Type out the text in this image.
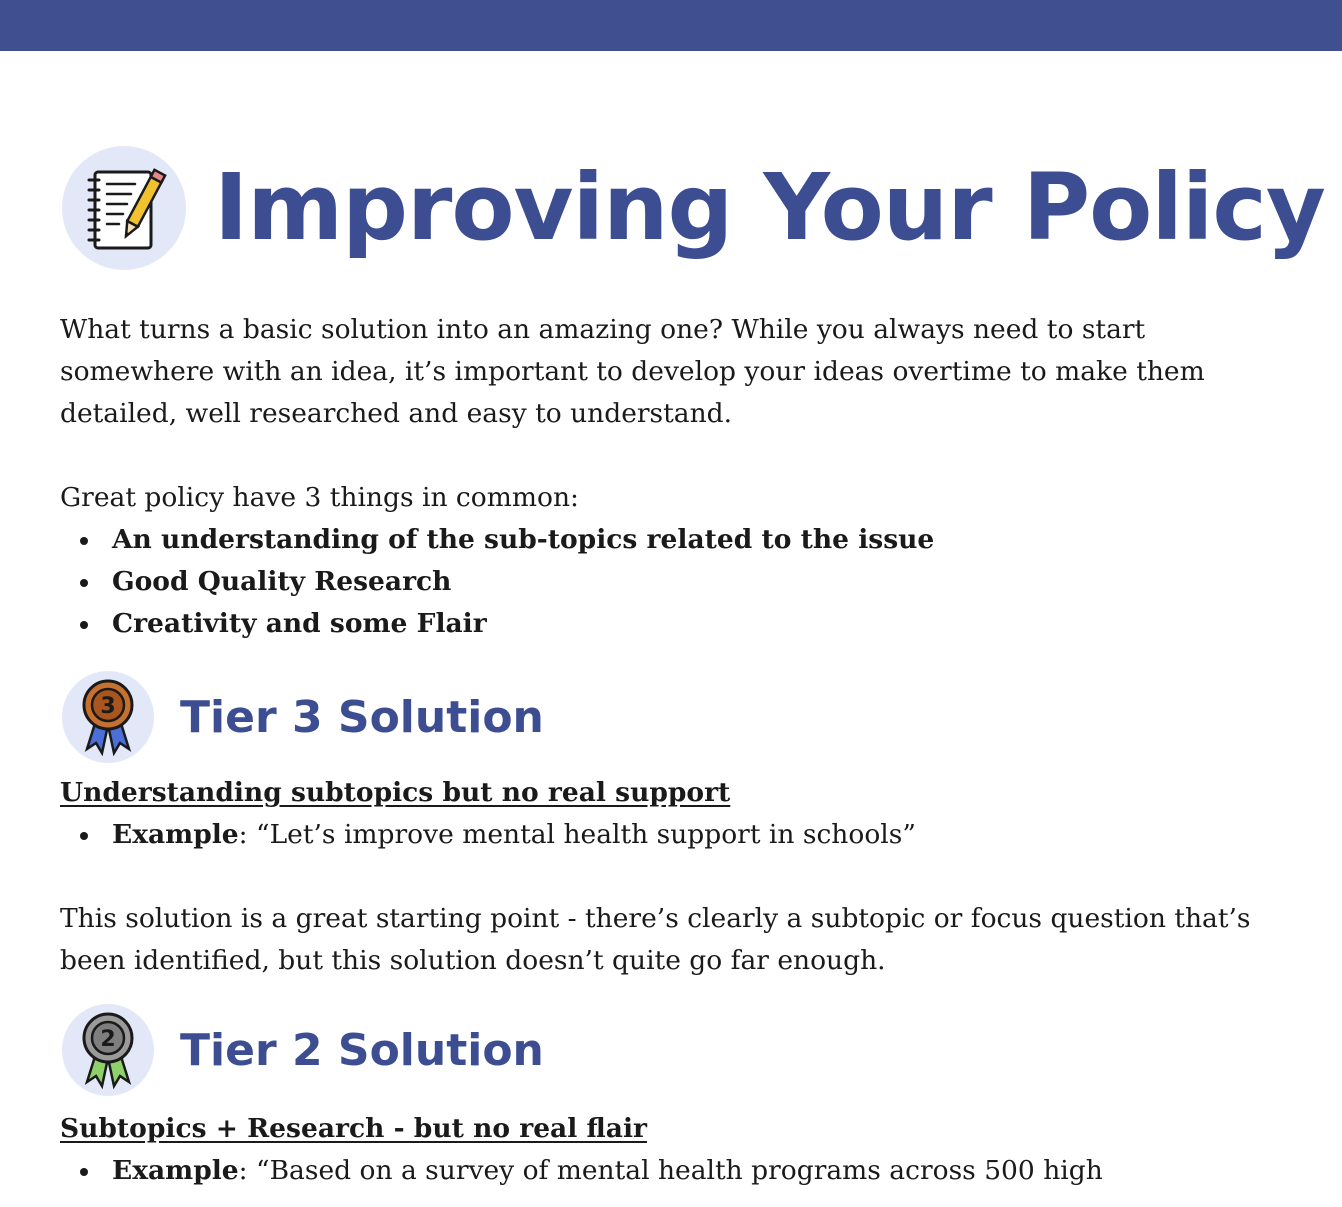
Improving Your Policy

What turns a basic solution into an amazing one? While you always need to start somewhere with an idea, it’s important to develop your ideas overtime to make them detailed, well researched and easy to understand.

Great policy have 3 things in common:
An understanding of the sub-topics related to the issue
Good Quality Research
Creativity and some Flair
3 Tier 3 Solution
Understanding subtopics but no real support
Example: “Let’s improve mental health support in schools”

This solution is a great starting point - there’s clearly a subtopic or focus question that’s been identified, but this solution doesn’t quite go far enough.

2 Tier 2 Solution
Subtopics + Research - but no real flair
Example: “Based on a survey of mental health programs across 500 high
